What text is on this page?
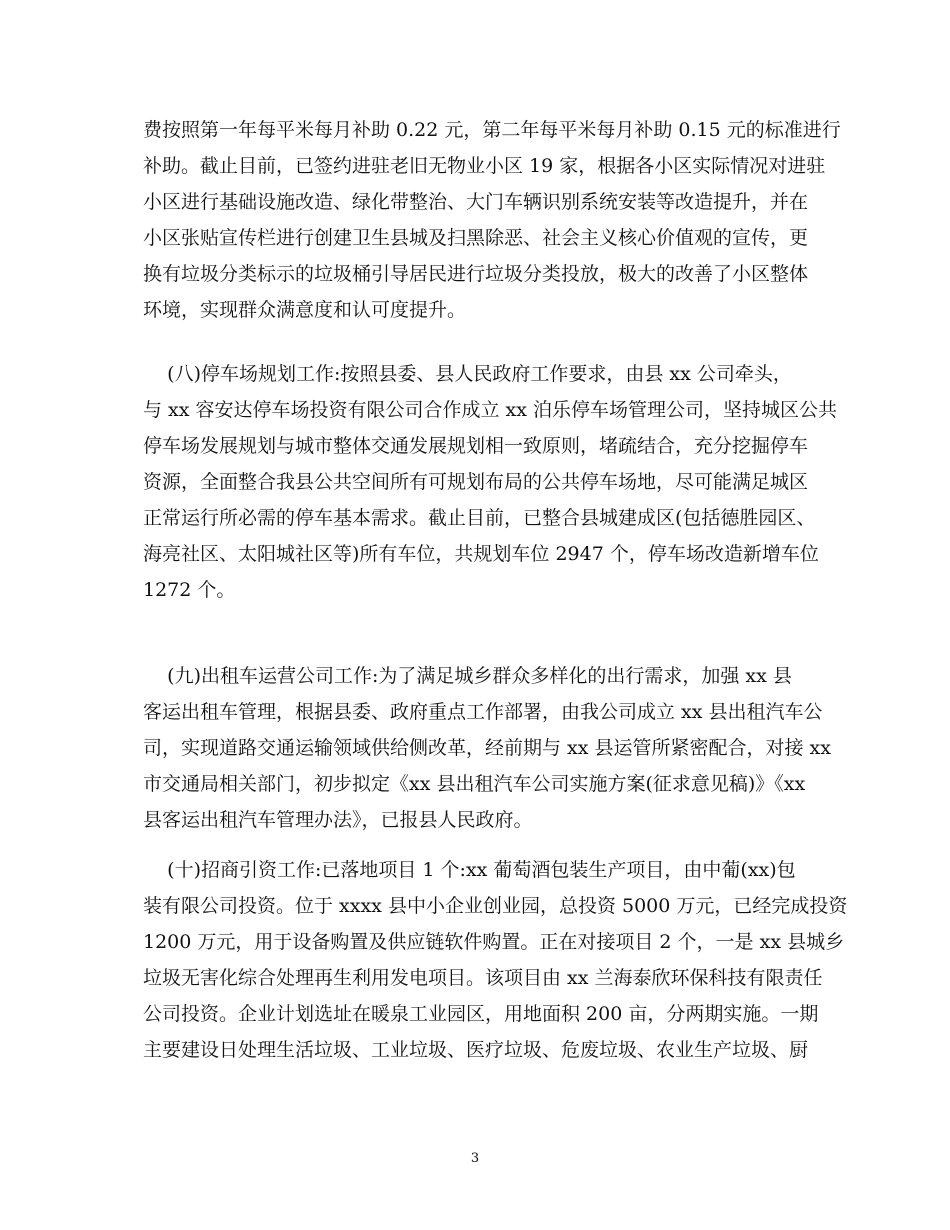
费按照第一年每平米每月补助 0.22 元，第二年每平米每月补助 0.15 元的标准进行
补助。截止目前，已签约进驻老旧无物业小区 19 家，根据各小区实际情况对进驻
小区进行基础设施改造、绿化带整治、大门车辆识别系统安装等改造提升，并在
小区张贴宣传栏进行创建卫生县城及扫黑除恶、社会主义核心价值观的宣传，更
换有垃圾分类标示的垃圾桶引导居民进行垃圾分类投放，极大的改善了小区整体
环境，实现群众满意度和认可度提升。
(八)停车场规划工作:按照县委、县人民政府工作要求，由县 xx 公司牵头，
与 xx 容安达停车场投资有限公司合作成立 xx 泊乐停车场管理公司，坚持城区公共
停车场发展规划与城市整体交通发展规划相一致原则，堵疏结合，充分挖掘停车
资源，全面整合我县公共空间所有可规划布局的公共停车场地，尽可能满足城区
正常运行所必需的停车基本需求。截止目前，已整合县城建成区(包括德胜园区、
海亮社区、太阳城社区等)所有车位，共规划车位 2947 个，停车场改造新增车位
1272 个。
(九)出租车运营公司工作:为了满足城乡群众多样化的出行需求，加强 xx 县
客运出租车管理，根据县委、政府重点工作部署，由我公司成立 xx 县出租汽车公
司，实现道路交通运输领域供给侧改革，经前期与 xx 县运管所紧密配合，对接 xx
市交通局相关部门，初步拟定《xx 县出租汽车公司实施方案(征求意见稿)》《xx
县客运出租汽车管理办法》，已报县人民政府。
(十)招商引资工作:已落地项目 1 个:xx 葡萄酒包装生产项目，由中葡(xx)包
装有限公司投资。位于 xxxx 县中小企业创业园，总投资 5000 万元，已经完成投资
1200 万元，用于设备购置及供应链软件购置。正在对接项目 2 个，一是 xx 县城乡
垃圾无害化综合处理再生利用发电项目。该项目由 xx 兰海泰欣环保科技有限责任
公司投资。企业计划选址在暖泉工业园区，用地面积 200 亩，分两期实施。一期
主要建设日处理生活垃圾、工业垃圾、医疗垃圾、危废垃圾、农业生产垃圾、厨
3
